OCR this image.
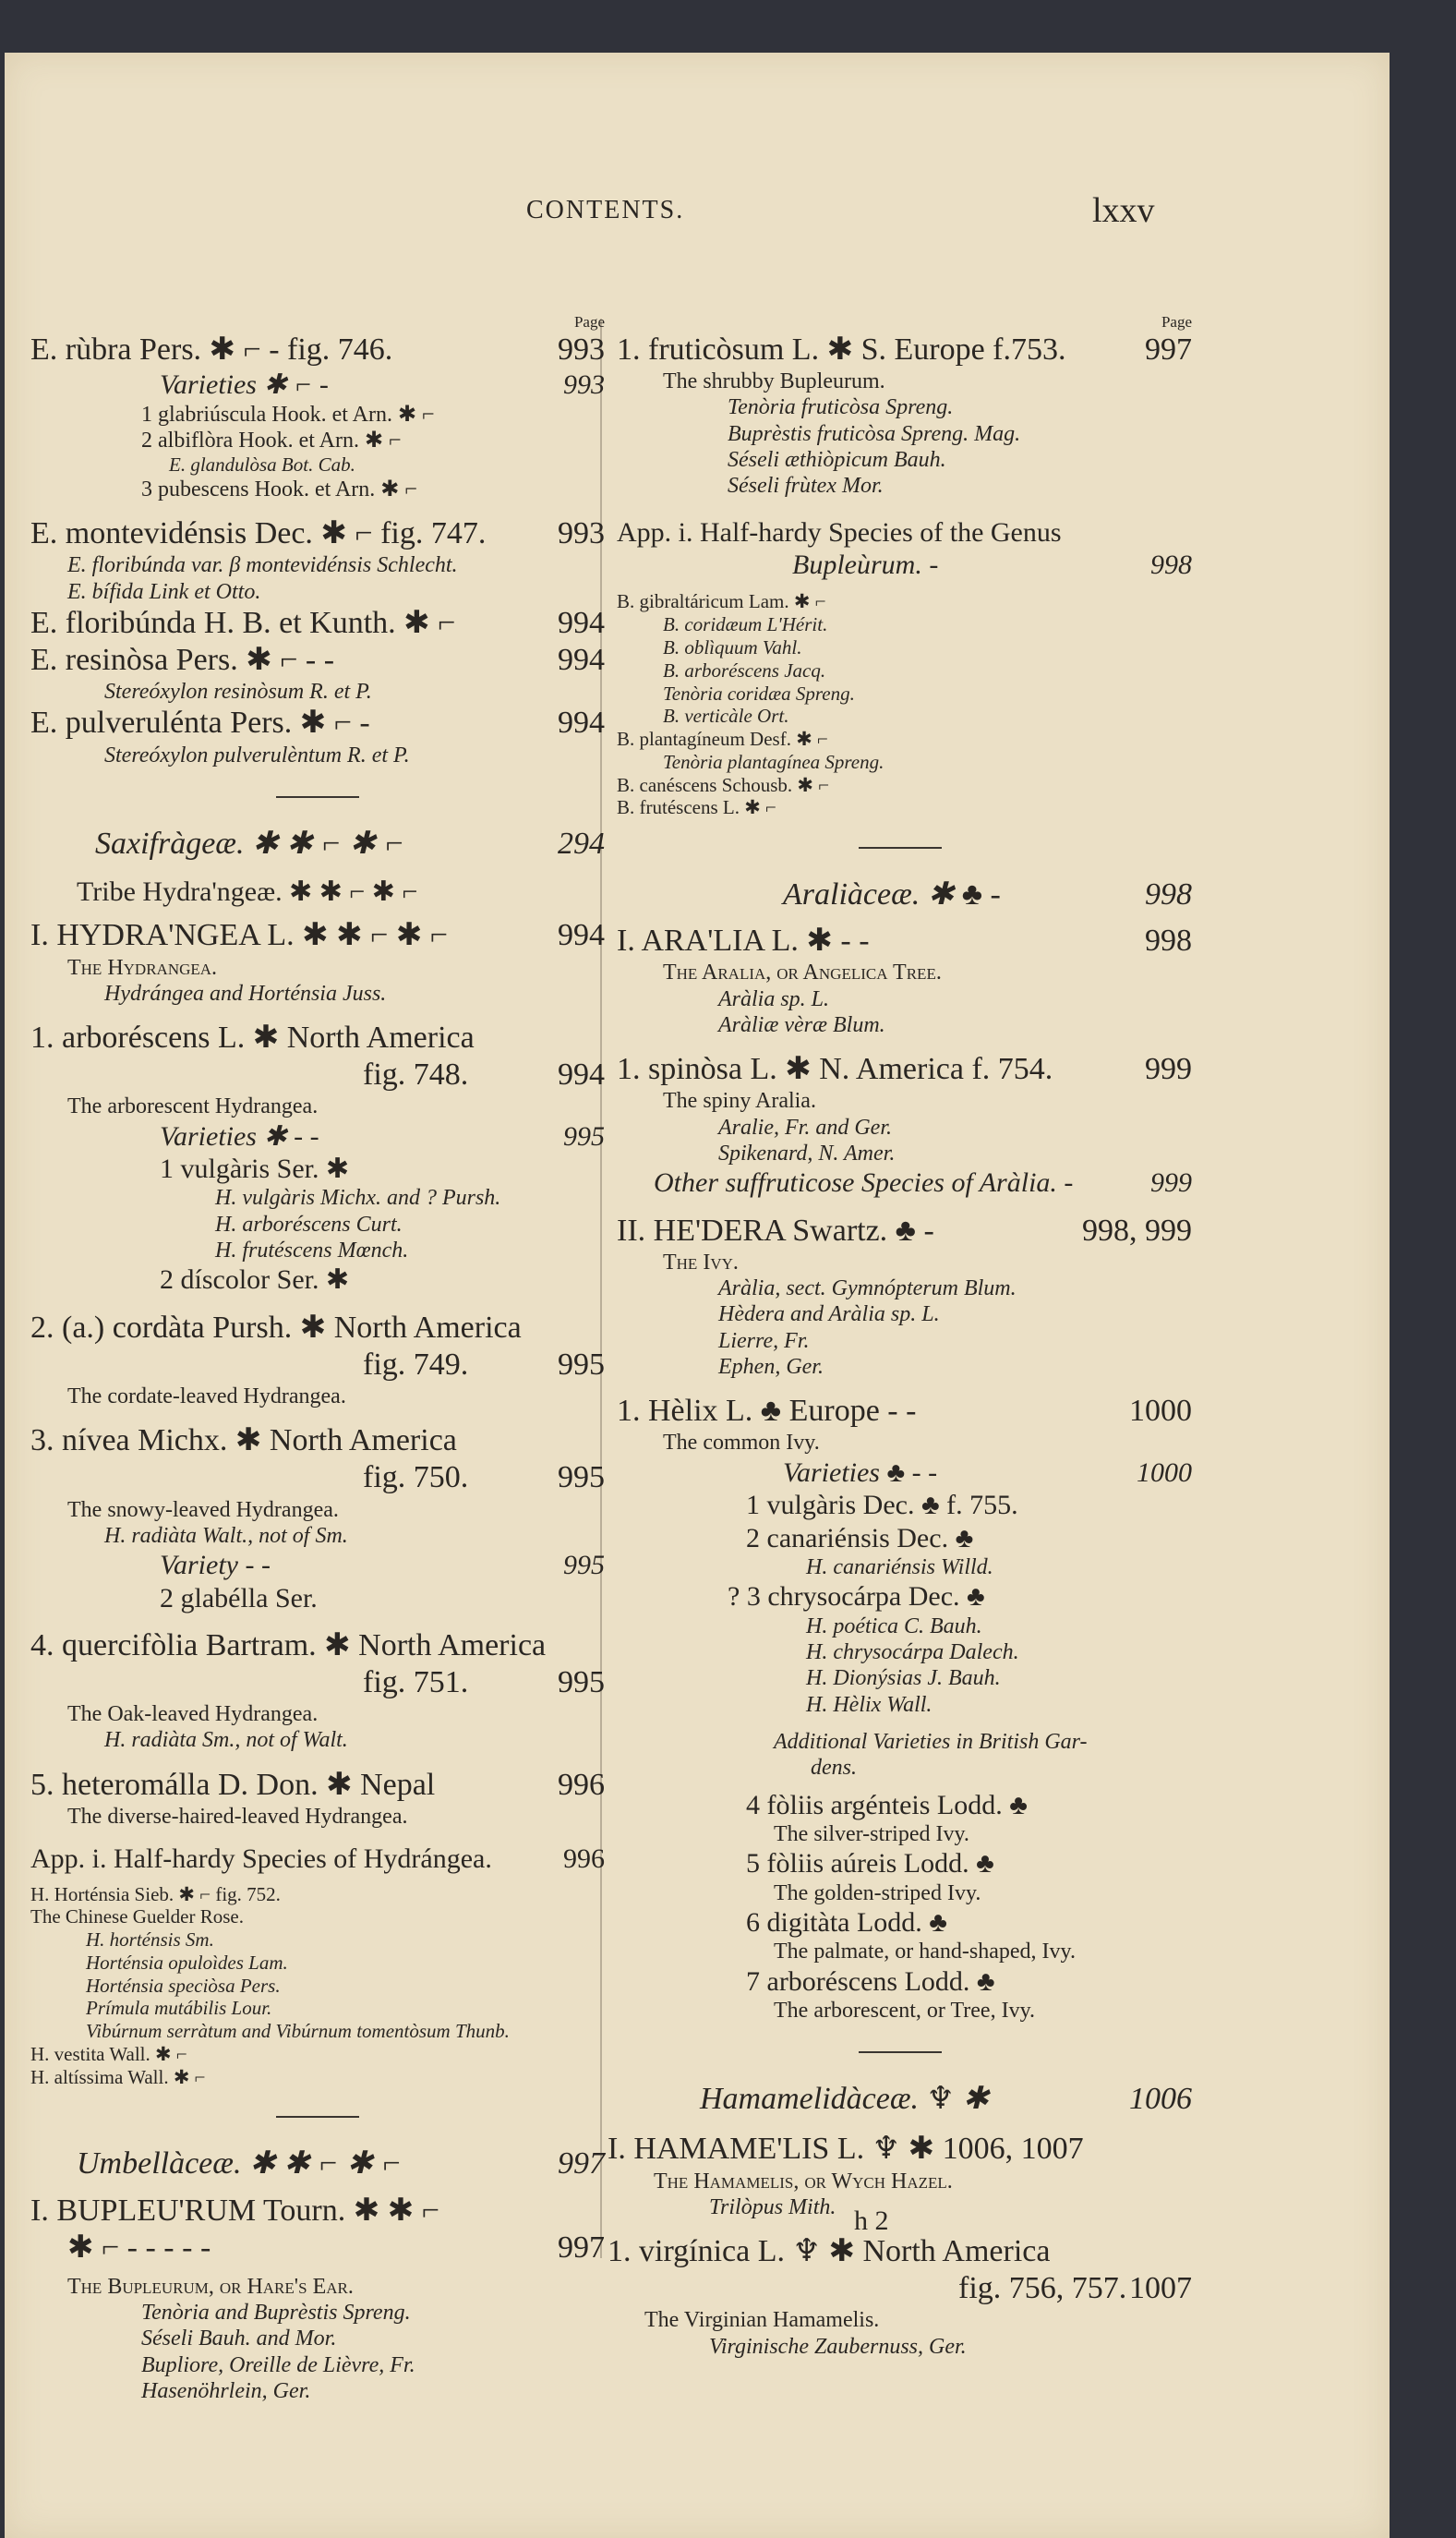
CONTENTS.	lxxv
Page
E. rùbra Pers. ✱ ⌐ - fig. 746.	993
Varieties ✱ ⌐ -	993
1 glabriúscula Hook. et Arn. ✱ ⌐
2 albiflòra Hook. et Arn. ✱ ⌐
E. glandulòsa Bot. Cab.
3 pubescens Hook. et Arn. ✱ ⌐
E. montevidénsis Dec. ✱ ⌐ fig. 747. 993
E. floribúnda var. β montevidénsis Schlecht.
E. bífida Link et Otto.
E. floribúnda H. B. et Kunth. ✱ ⌐	994
E. resinòsa Pers. ✱ ⌐ - -	994
Stereóxylon resinòsum R. et P.
E. pulverulénta Pers. ✱ ⌐ -	994
Stereóxylon pulverulèntum R. et P.
Saxifràgeæ. ✱ ✱ ⌐ ✱ ⌐	294
Tribe Hydra'ngeæ. ✱ ✱ ⌐ ✱ ⌐
I. HYDRA'NGEA L. ✱ ✱ ⌐ ✱ ⌐	994
The Hydrangea.
Hydrángea and Horténsia Juss.
1. arboréscens L. ✱ North America
fig. 748.	994
The arborescent Hydrangea.
Varieties ✱ - -	995
1 vulgàris Ser. ✱
H. vulgàris Michx. and ? Pursh.
H. arboréscens Curt.
H. frutéscens Mœnch.
2 díscolor Ser. ✱
2. (a.) cordàta Pursh. ✱ North America
fig. 749.	995
The cordate-leaved Hydrangea.
3. nívea Michx. ✱ North America
fig. 750.	995
The snowy-leaved Hydrangea.
H. radiàta Walt., not of Sm.
Variety - -	995
2 glabélla Ser.
4. quercifòlia Bartram. ✱ North America
fig. 751.	995
The Oak-leaved Hydrangea.
H. radiàta Sm., not of Walt.
5. heteromálla D. Don. ✱ Nepal	996
The diverse-haired-leaved Hydrangea.
App. i. Half-hardy Species of Hydrángea.	996
H. Horténsia Sieb. ✱ ⌐ fig. 752.
The Chinese Guelder Rose.
H. horténsis Sm.
Horténsia opuloìdes Lam.
Horténsia speciòsa Pers.
Prímula mutábilis Lour.
Vibúrnum serràtum and Vibúrnum tomentòsum Thunb.
H. vestita Wall. ✱ ⌐
H. altíssima Wall. ✱ ⌐
Umbellàceæ. ✱ ✱ ⌐ ✱ ⌐	997
I. BUPLEU'RUM Tourn. ✱ ✱ ⌐
✱ ⌐ - - - - -	997
The Bupleurum, or Hare's Ear.
Tenòria and Buprèstis Spreng.
Séseli Bauh. and Mor.
Bupliore, Oreille de Lièvre, Fr.
Hasenöhrlein, Ger.
Page
1. fruticòsum L. ✱ S. Europe f.753.	997
The shrubby Bupleurum.
Tenòria fruticòsa Spreng.
Buprèstis fruticòsa Spreng. Mag.
Séseli æthiòpicum Bauh.
Séseli frùtex Mor.
App. i. Half-hardy Species of the Genus
Bupleùrum. -	998
B. gibraltáricum Lam. ✱ ⌐
B. coridæum L'Hérit.
B. oblìquum Vahl.
B. arboréscens Jacq.
Tenòria coridæa Spreng.
B. verticàle Ort.
B. plantagíneum Desf. ✱ ⌐
Tenòria plantagínea Spreng.
B. canéscens Schousb. ✱ ⌐
B. frutéscens L. ✱ ⌐
Araliàceæ. ✱ ♣ -	998
I. ARA'LIA L. ✱ - -	998
The Aralia, or Angelica Tree.
Aràlia sp. L.
Aràliæ vèræ Blum.
1. spinòsa L. ✱ N. America f. 754.	999
The spiny Aralia.
Aralie, Fr. and Ger.
Spikenard, N. Amer.
Other suffruticose Species of Aràlia. -	999
II. HE'DERA Swartz. ♣ -	998, 999
The Ivy.
Aràlia, sect. Gymnópterum Blum.
Hèdera and Aràlia sp. L.
Lierre, Fr.
Ephen, Ger.
1. Hèlix L. ♣ Europe - -	1000
The common Ivy.
Varieties ♣ - -	1000
1 vulgàris Dec. ♣ f. 755.
2 canariénsis Dec. ♣
H. canariénsis Willd.
? 3 chrysocárpa Dec. ♣
H. poética C. Bauh.
H. chrysocárpa Dalech.
H. Dionýsias J. Bauh.
H. Hèlix Wall.
Additional Varieties in British Gar-
dens.
4 fòliis argénteis Lodd. ♣
The silver-striped Ivy.
5 fòliis aúreis Lodd. ♣
The golden-striped Ivy.
6 digitàta Lodd. ♣
The palmate, or hand-shaped, Ivy.
7 arboréscens Lodd. ♣
The arborescent, or Tree, Ivy.
Hamamelidàceæ. ♆ ✱	1006
I. HAMAME'LIS L. ♆ ✱ 1006, 1007
The Hamamelis, or Wych Hazel.
Trilòpus Mith.
1. virgínica L. ♆ ✱ North America
fig. 756, 757. 1007
The Virginian Hamamelis.
Virginische Zaubernuss, Ger.
h 2
